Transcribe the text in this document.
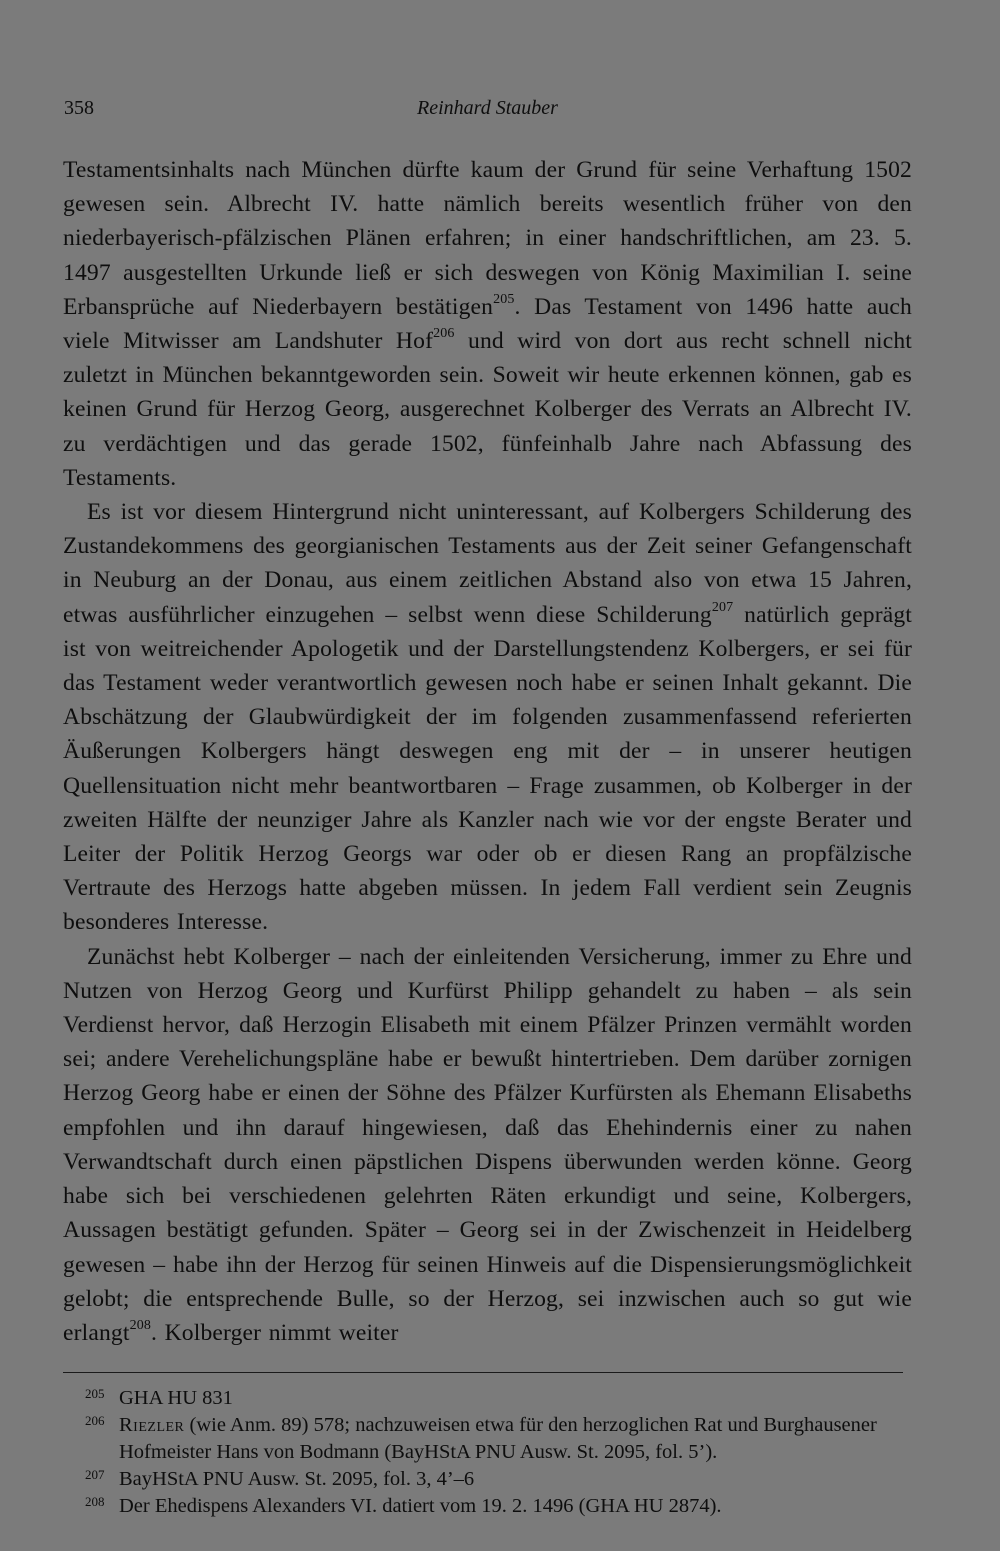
358	Reinhard Stauber

Testamentsinhalts nach München dürfte kaum der Grund für seine Verhaftung 1502 gewesen sein. Albrecht IV. hatte nämlich bereits wesentlich früher von den niederbayerisch-pfälzischen Plänen erfahren; in einer handschriftlichen, am 23. 5. 1497 ausgestellten Urkunde ließ er sich deswegen von König Maximilian I. seine Erbansprüche auf Niederbayern bestätigen$^{205}$. Das Testament von 1496 hatte auch viele Mitwisser am Landshuter Hof$^{206}$ und wird von dort aus recht schnell nicht zuletzt in München bekanntgeworden sein. Soweit wir heute erkennen können, gab es keinen Grund für Herzog Georg, ausgerechnet Kolberger des Verrats an Albrecht IV. zu verdächtigen und das gerade 1502, fünfeinhalb Jahre nach Abfassung des Testaments.

Es ist vor diesem Hintergrund nicht uninteressant, auf Kolbergers Schilderung des Zustandekommens des georgianischen Testaments aus der Zeit seiner Gefangenschaft in Neuburg an der Donau, aus einem zeitlichen Abstand also von etwa 15 Jahren, etwas ausführlicher einzugehen – selbst wenn diese Schilderung$^{207}$ natürlich geprägt ist von weitreichender Apologetik und der Darstellungstendenz Kolbergers, er sei für das Testament weder verantwortlich gewesen noch habe er seinen Inhalt gekannt. Die Abschätzung der Glaubwürdigkeit der im folgenden zusammenfassend referierten Äußerungen Kolbergers hängt deswegen eng mit der – in unserer heutigen Quellensituation nicht mehr beantwortbaren – Frage zusammen, ob Kolberger in der zweiten Hälfte der neunziger Jahre als Kanzler nach wie vor der engste Berater und Leiter der Politik Herzog Georgs war oder ob er diesen Rang an propfälzische Vertraute des Herzogs hatte abgeben müssen. In jedem Fall verdient sein Zeugnis besonderes Interesse.

Zunächst hebt Kolberger – nach der einleitenden Versicherung, immer zu Ehre und Nutzen von Herzog Georg und Kurfürst Philipp gehandelt zu haben – als sein Verdienst hervor, daß Herzogin Elisabeth mit einem Pfälzer Prinzen vermählt worden sei; andere Verehelichungspläne habe er bewußt hintertrieben. Dem darüber zornigen Herzog Georg habe er einen der Söhne des Pfälzer Kurfürsten als Ehemann Elisabeths empfohlen und ihn darauf hingewiesen, daß das Ehehindernis einer zu nahen Verwandtschaft durch einen päpstlichen Dispens überwunden werden könne. Georg habe sich bei verschiedenen gelehrten Räten erkundigt und seine, Kolbergers, Aussagen bestätigt gefunden. Später – Georg sei in der Zwischenzeit in Heidelberg gewesen – habe ihn der Herzog für seinen Hinweis auf die Dispensierungsmöglichkeit gelobt; die entsprechende Bulle, so der Herzog, sei inzwischen auch so gut wie erlangt$^{208}$. Kolberger nimmt weiter

205 GHA HU 831
206 Riezler (wie Anm. 89) 578; nachzuweisen etwa für den herzoglichen Rat und Burghausener Hofmeister Hans von Bodmann (BayHStA PNU Ausw. St. 2095, fol. 5’).
207 BayHStA PNU Ausw. St. 2095, fol. 3, 4’–6
208 Der Ehedispens Alexanders VI. datiert vom 19. 2. 1496 (GHA HU 2874).
